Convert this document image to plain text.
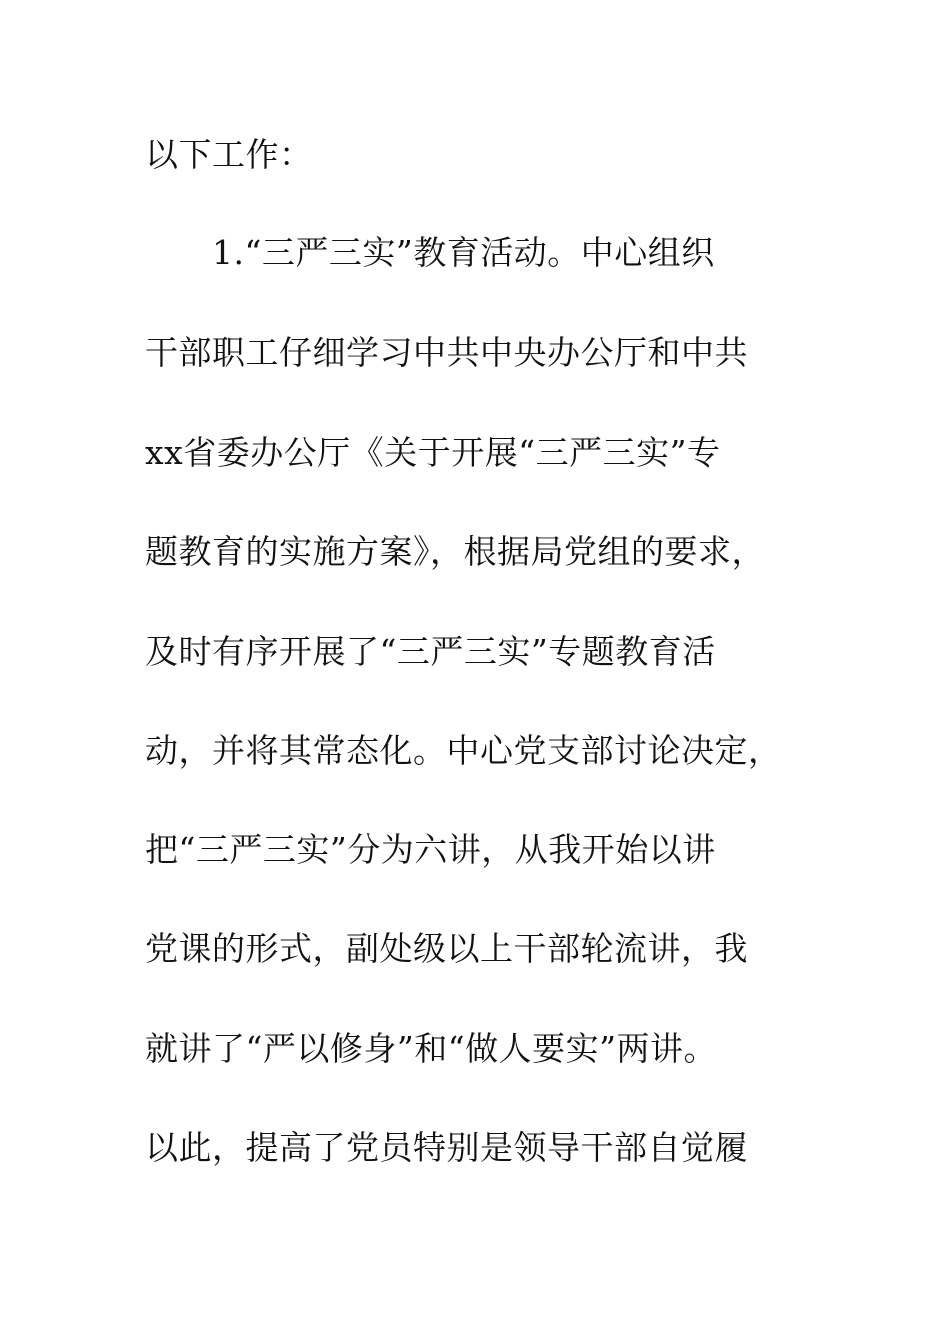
以下工作：
1.“三严三实”教育活动。中心组织
干部职工仔细学习中共中央办公厅和中共
xx省委办公厅《关于开展“三严三实”专
题教育的实施方案》，根据局党组的要求，
及时有序开展了“三严三实”专题教育活
动，并将其常态化。中心党支部讨论决定，
把“三严三实”分为六讲，从我开始以讲
党课的形式，副处级以上干部轮流讲，我
就讲了“严以修身”和“做人要实”两讲。
以此，提高了党员特别是领导干部自觉履
